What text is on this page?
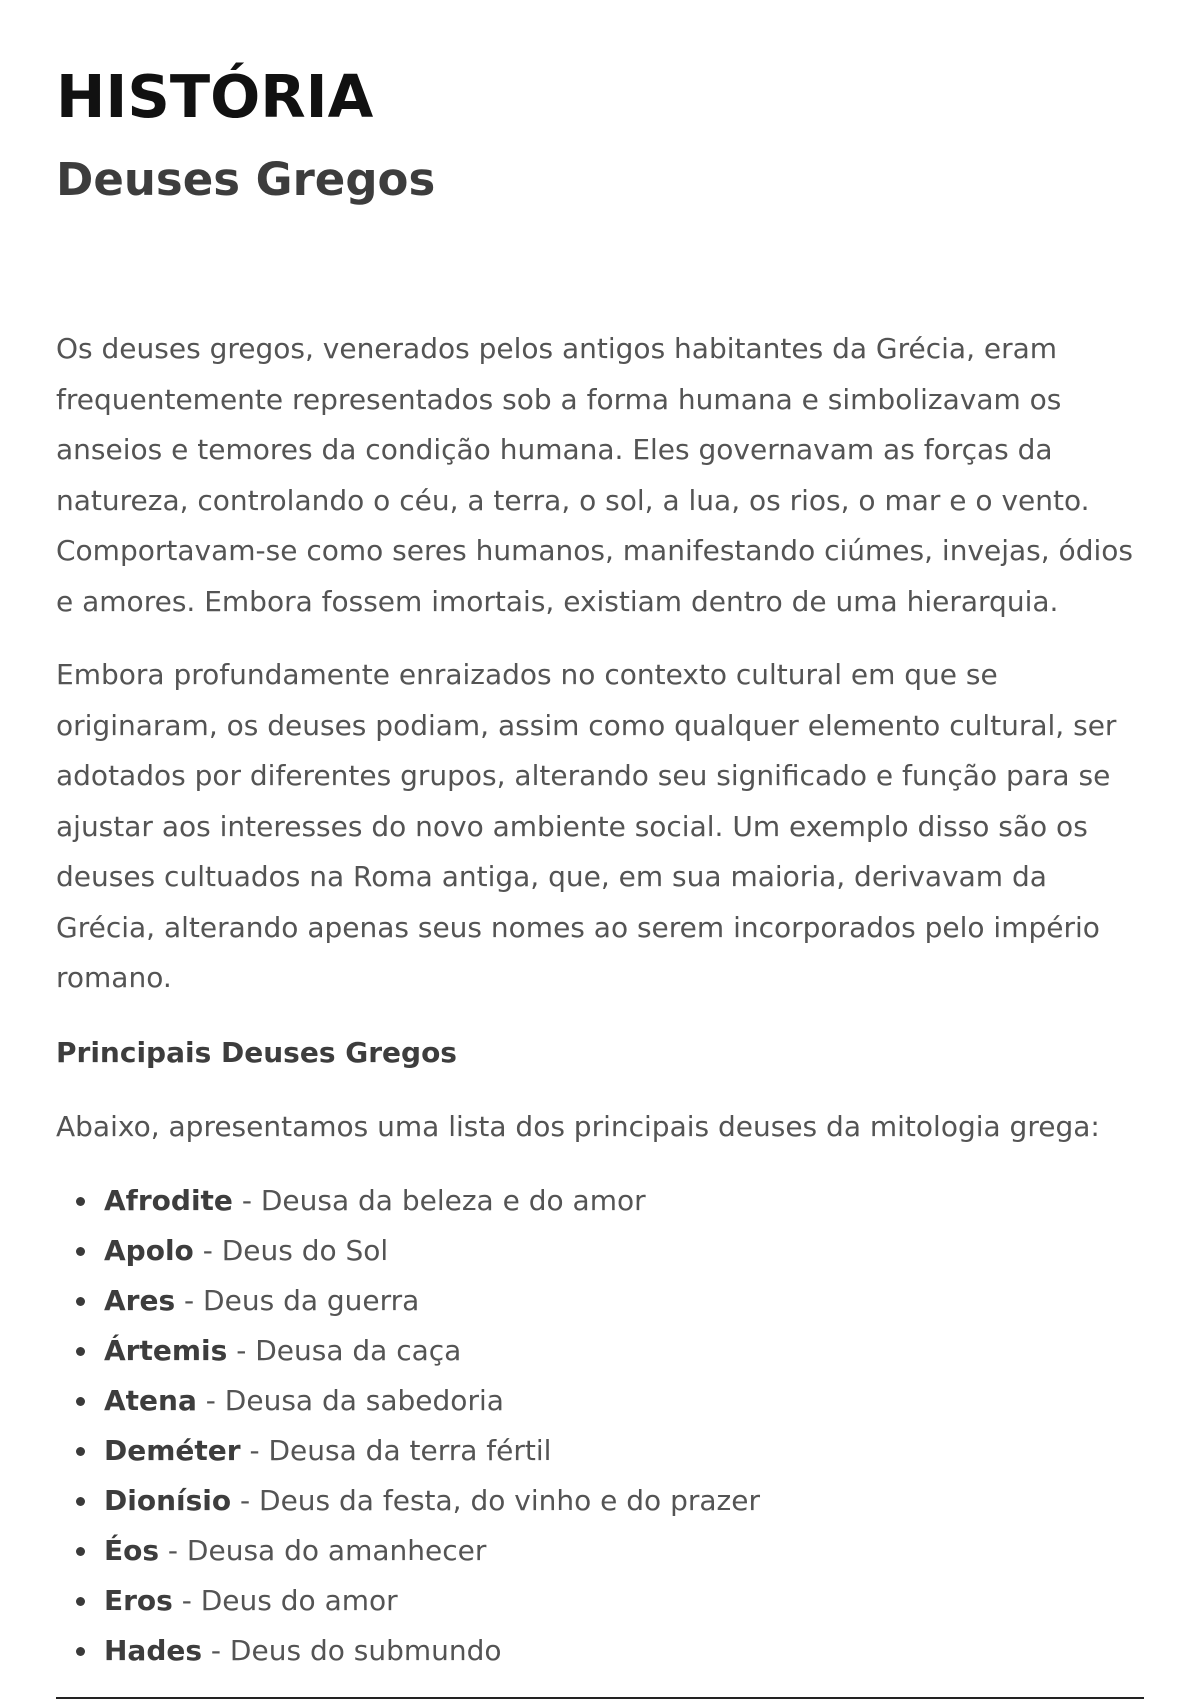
HISTÓRIA
Deuses Gregos

Os deuses gregos, venerados pelos antigos habitantes da Grécia, eram frequentemente representados sob a forma humana e simbolizavam os anseios e temores da condição humana. Eles governavam as forças da natureza, controlando o céu, a terra, o sol, a lua, os rios, o mar e o vento. Comportavam-se como seres humanos, manifestando ciúmes, invejas, ódios e amores. Embora fossem imortais, existiam dentro de uma hierarquia.

Embora profundamente enraizados no contexto cultural em que se originaram, os deuses podiam, assim como qualquer elemento cultural, ser adotados por diferentes grupos, alterando seu significado e função para se ajustar aos interesses do novo ambiente social. Um exemplo disso são os deuses cultuados na Roma antiga, que, em sua maioria, derivavam da Grécia, alterando apenas seus nomes ao serem incorporados pelo império romano.

Principais Deuses Gregos

Abaixo, apresentamos uma lista dos principais deuses da mitologia grega:

Afrodite - Deusa da beleza e do amor
Apolo - Deus do Sol
Ares - Deus da guerra
Ártemis - Deusa da caça
Atena - Deusa da sabedoria
Deméter - Deusa da terra fértil
Dionísio - Deus da festa, do vinho e do prazer
Éos - Deusa do amanhecer
Eros - Deus do amor
Hades - Deus do submundo
